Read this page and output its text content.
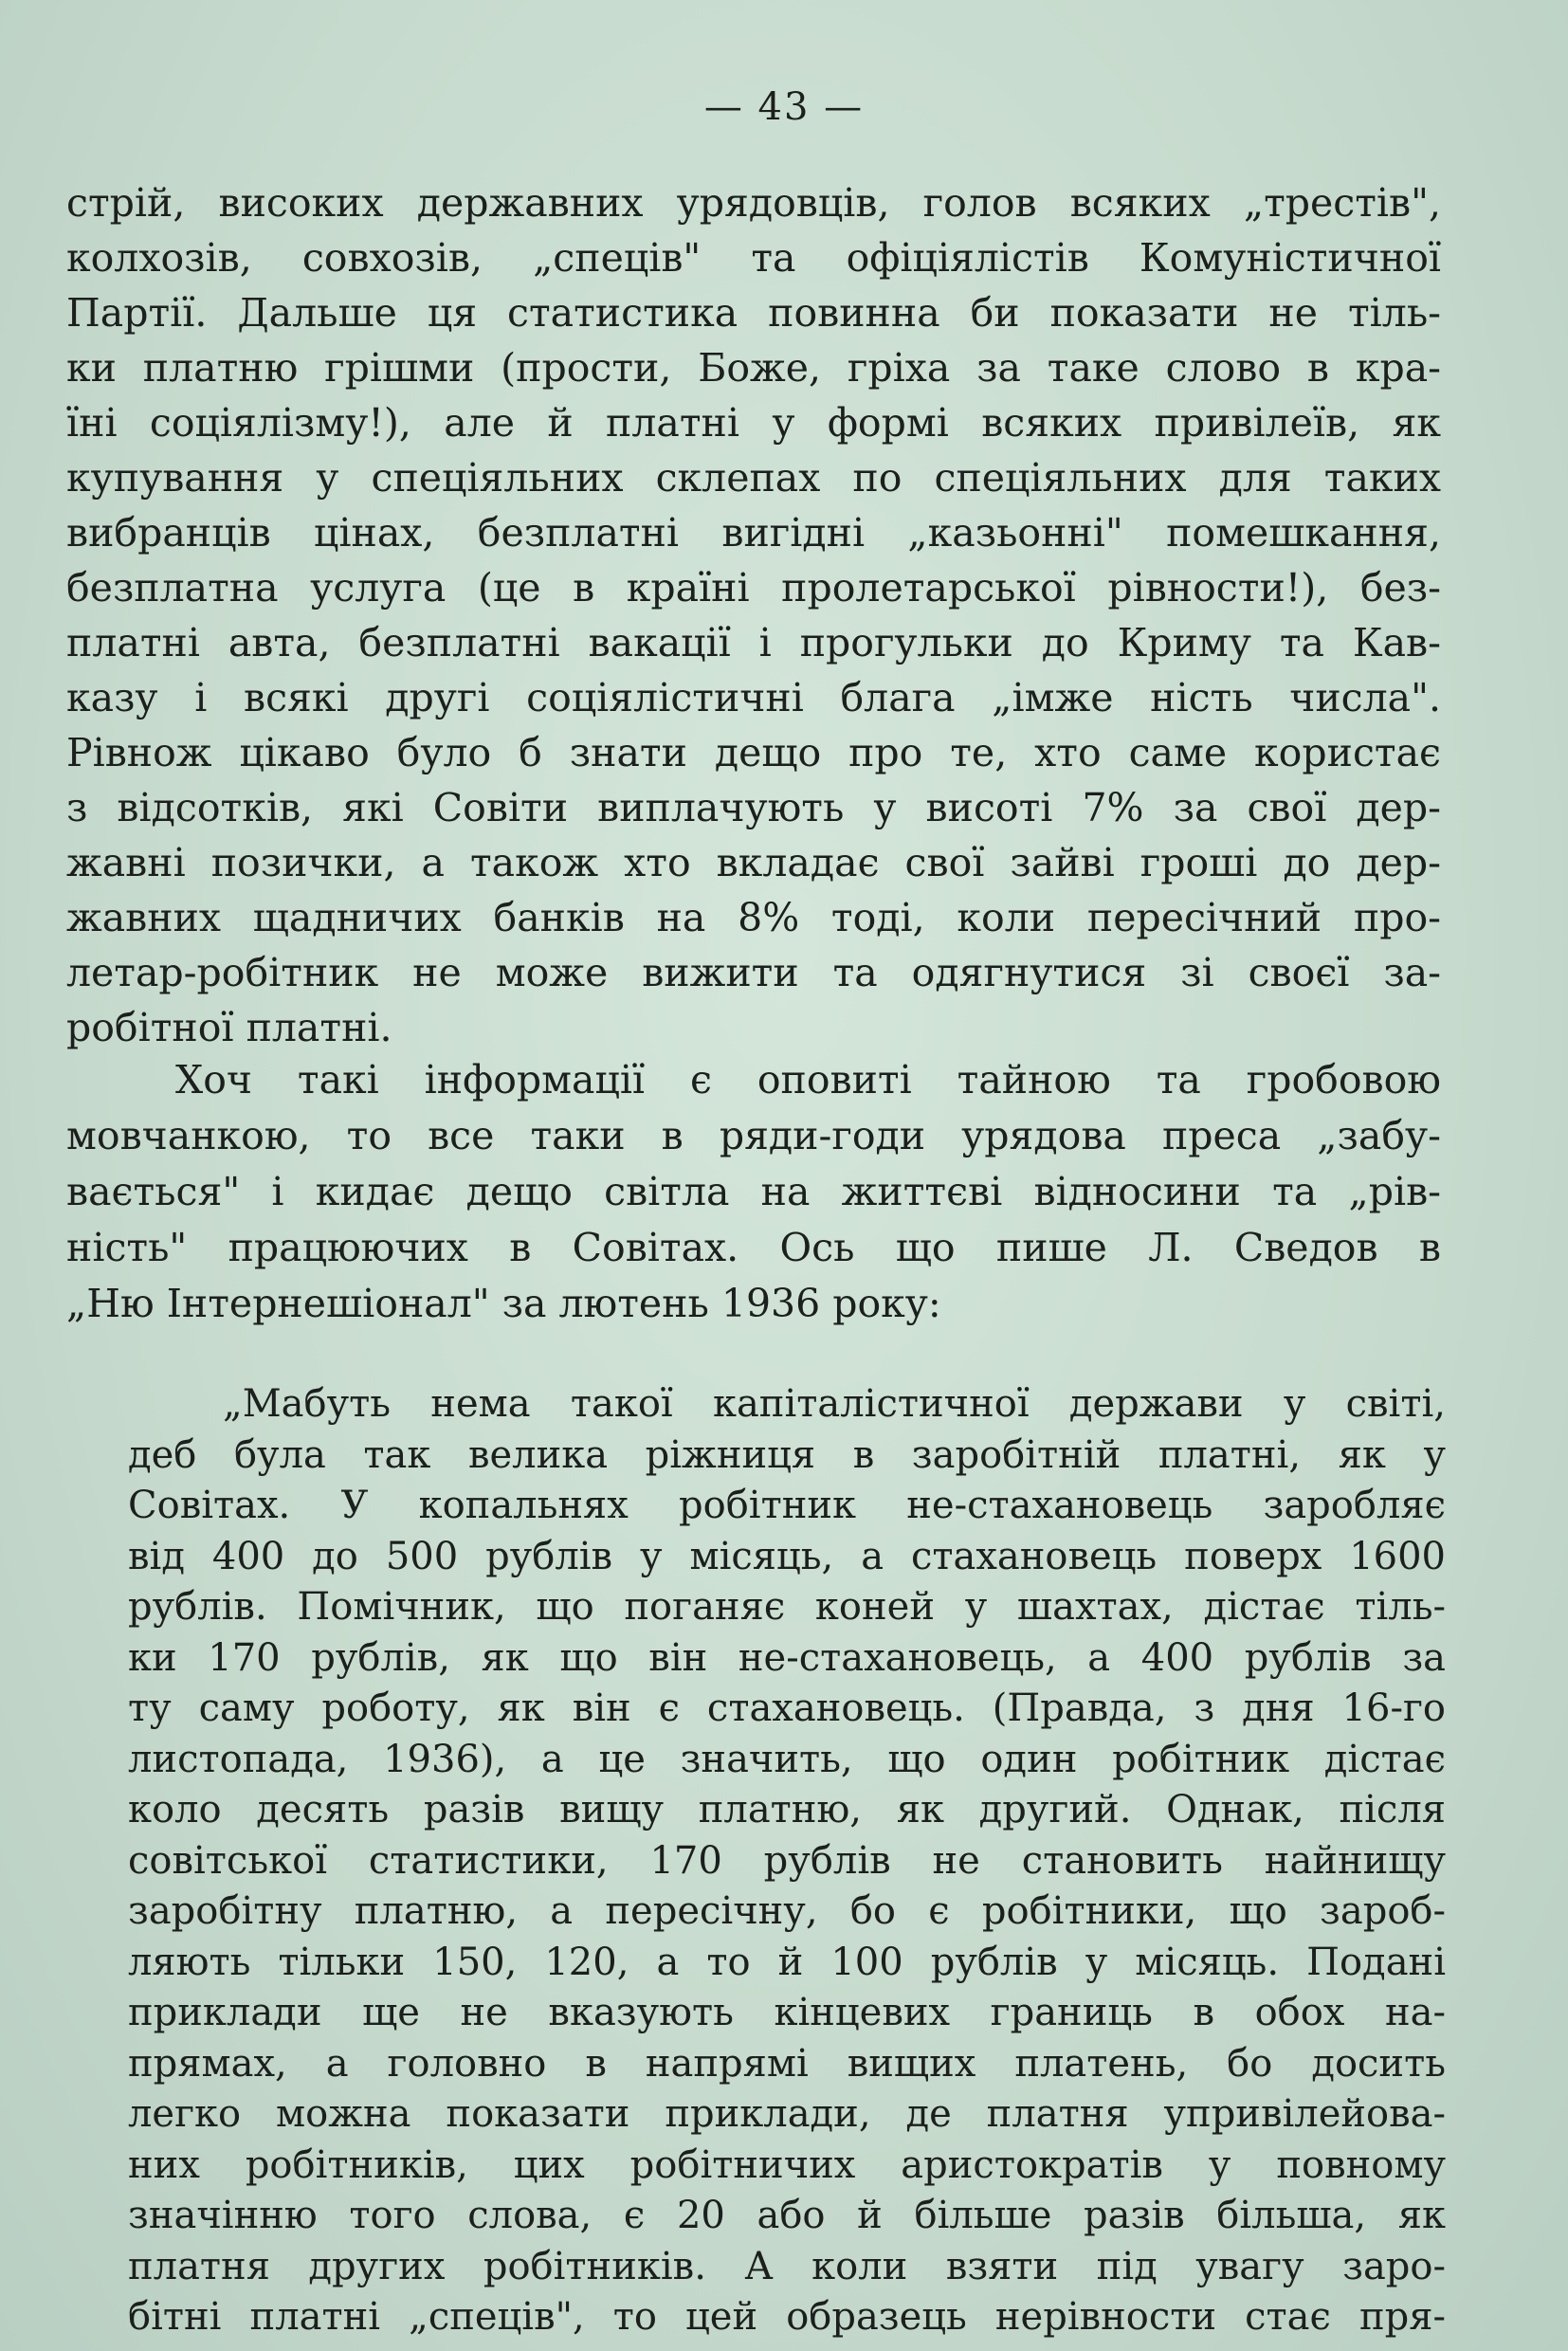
— 43 —
стрій, високих державних урядовців, голов всяких „трестів",
колхозів, совхозів, „спеців" та офіціялістів Комуністичної
Партії. Дальше ця статистика повинна би показати не тіль-
ки платню грішми (прости, Боже, гріха за таке слово в кра-
їні соціялізму!), але й платні у формі всяких привілеїв, як
купування у спеціяльних склепах по спеціяльних для таких
вибранців цінах, безплатні вигідні „казьонні" помешкання,
безплатна услуга (це в країні пролетарської рівности!), без-
платні авта, безплатні вакації і прогульки до Криму та Кав-
казу і всякі другі соціялістичні блага „імже ність числа".
Рівнож цікаво було б знати дещо про те, хто саме користає
з відсотків, які Совіти виплачують у висоті 7% за свої дер-
жавні позички, а також хто вкладає свої зайві гроші до дер-
жавних щадничих банків на 8% тоді, коли пересічний про-
летар-робітник не може вижити та одягнутися зі своєї за-
робітної платні.
Хоч такі інформації є оповиті тайною та гробовою
мовчанкою, то все таки в ряди-годи урядова преса „забу-
вається" і кидає дещо світла на життєві відносини та „рів-
ність" працюючих в Совітах. Ось що пише Л. Сведов в
„Ню Інтернешіонал" за лютень 1936 року:
„Мабуть нема такої капіталістичної держави у світі,
деб була так велика ріжниця в заробітній платні, як у
Совітах. У копальнях робітник не-стахановець заробляє
від 400 до 500 рублів у місяць, а стахановець поверх 1600
рублів. Помічник, що поганяє коней у шахтах, дістає тіль-
ки 170 рублів, як що він не-стахановець, а 400 рублів за
ту саму роботу, як він є стахановець. (Правда, з дня 16-го
листопада, 1936), а це значить, що один робітник дістає
коло десять разів вищу платню, як другий. Однак, після
совітської статистики, 170 рублів не становить найнищу
заробітну платню, а пересічну, бо є робітники, що зароб-
ляють тільки 150, 120, а то й 100 рублів у місяць. Подані
приклади ще не вказують кінцевих границь в обох на-
прямах, а головно в напрямі вищих платень, бо досить
легко можна показати приклади, де платня упривілейова-
них робітників, цих робітничих аристократів у повному
значінню того слова, є 20 або й більше разів більша, як
платня других робітників. А коли взяти під увагу заро-
бітні платні „спеців", то цей образець нерівности стає пря-
